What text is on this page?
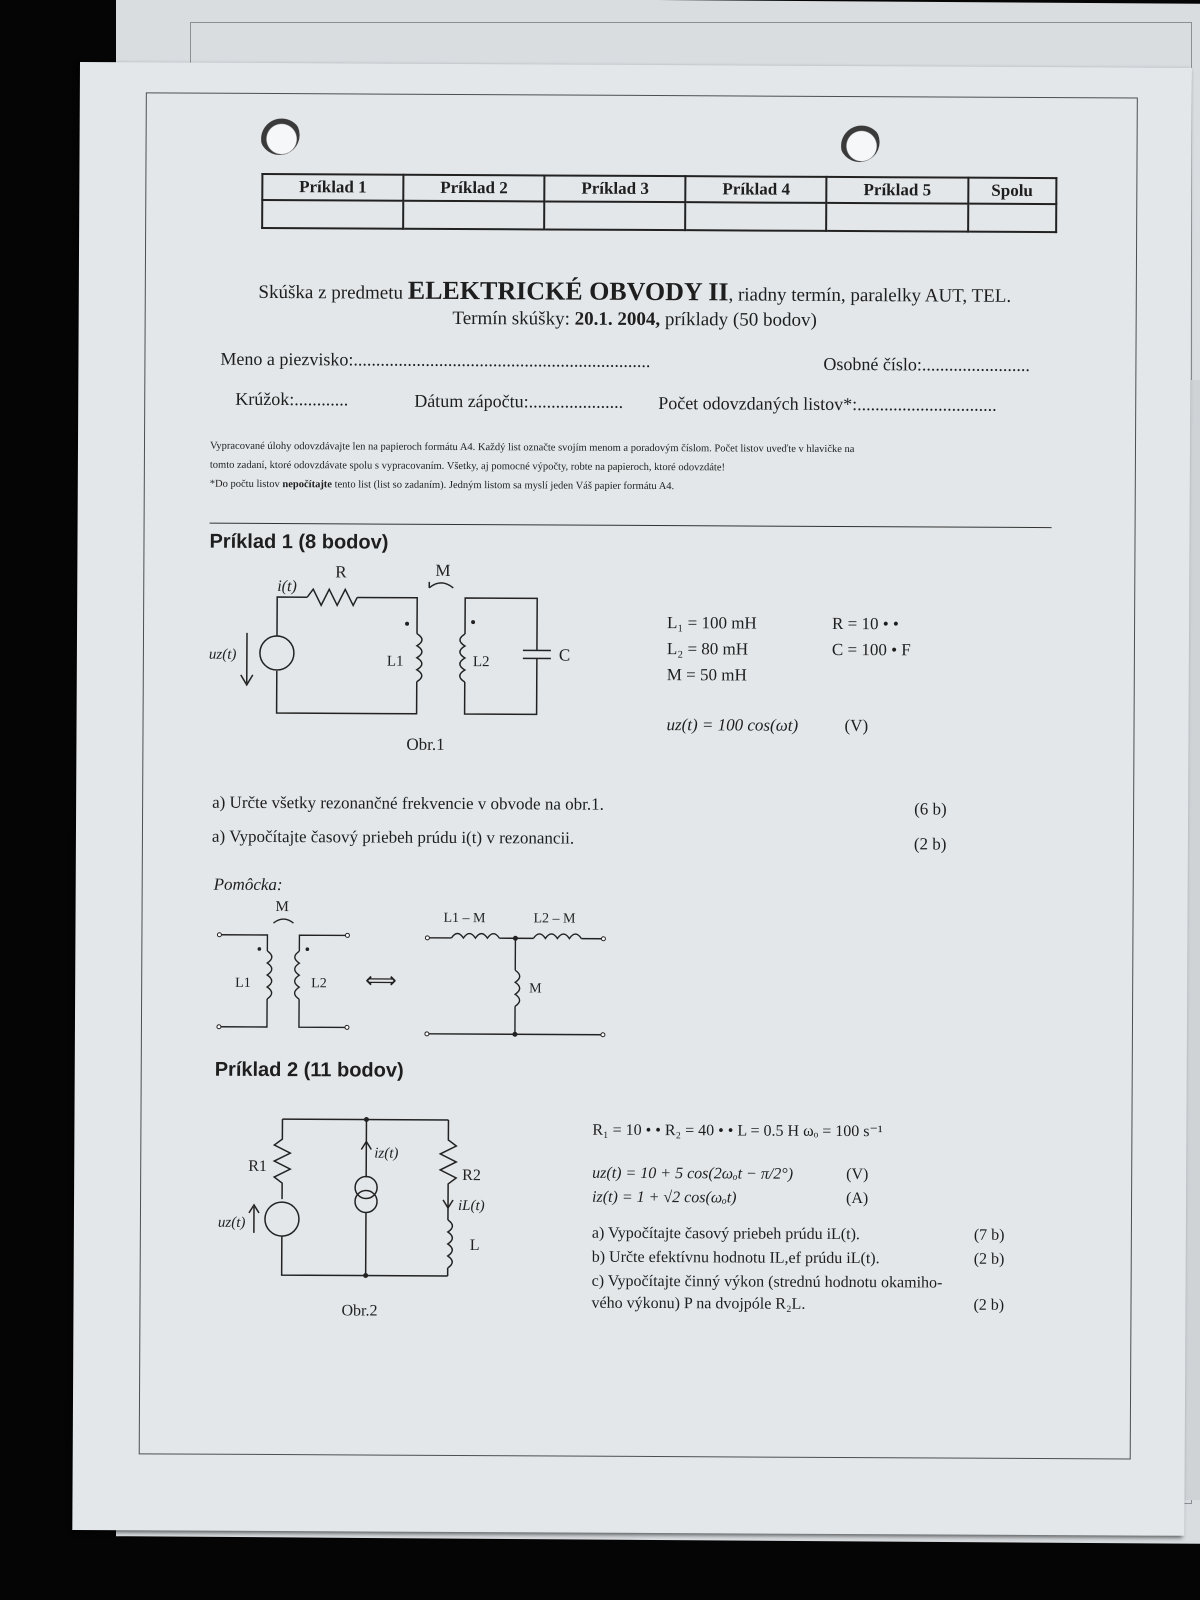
Príklad 1	Príklad 2	Príklad 3	Príklad 4	Príklad 5	Spolu

Skúška z predmetu ELEKTRICKÉ OBVODY II, riadny termín, paralelky AUT, TEL.
Termín skúšky: 20.1. 2004, príklady (50 bodov)
Meno a piezvisko:..................................................................	Osobné číslo:........................
Krúžok:............	Dátum zápočtu:..................... Počet odovzdaných listov*:...............................
Vypracované úlohy odovzdávajte len na papieroch formátu A4. Každý list označte svojím menom a poradovým číslom. Počet listov uveďte v hlavičke na
tomto zadaní, ktoré odovzdávate spolu s vypracovaním. Všetky, aj pomocné výpočty, robte na papieroch, ktoré odovzdáte!
*Do počtu listov nepočítajte tento list (list so zadaním). Jedným listom sa myslí jeden Váš papier formátu A4.
Príklad 1 (8 bodov)
R	M
i(t)
uz(t)	L1	L2	C
Obr.1
L₁ = 100 mH
L₂ = 80 mH
M = 50 mH
R = 10 • •
C = 100 • F
uz(t) = 100 cos(ωt)	(V)
a) Určte všetky rezonančné frekvencie v obvode na obr.1.	(6 b)
a) Vypočítajte časový priebeh prúdu i(t) v rezonancii.	(2 b)
Pomôcka:
M
L1	L2 ⟺
L1 – M	L2 – M
M
Príklad 2 (11 bodov)
R1
R2
iz(t)
iL(t)
uz(t)
L
Obr.2
R₁ = 10 • • R₂ = 40 • • L = 0.5 H ωₒ = 100 s⁻¹
uz(t) = 10 + 5 cos(2ωₒt − π/2°)	(V)
iz(t) = 1 + √2 cos(ωₒt)	(A)
a) Vypočítajte časový priebeh prúdu iL(t).	(7 b)
b) Určte efektívnu hodnotu IL,ef prúdu iL(t).	(2 b)
c) Vypočítajte činný výkon (strednú hodnotu okamiho-
vého výkonu) P na dvojpóle R₂L.	(2 b)
